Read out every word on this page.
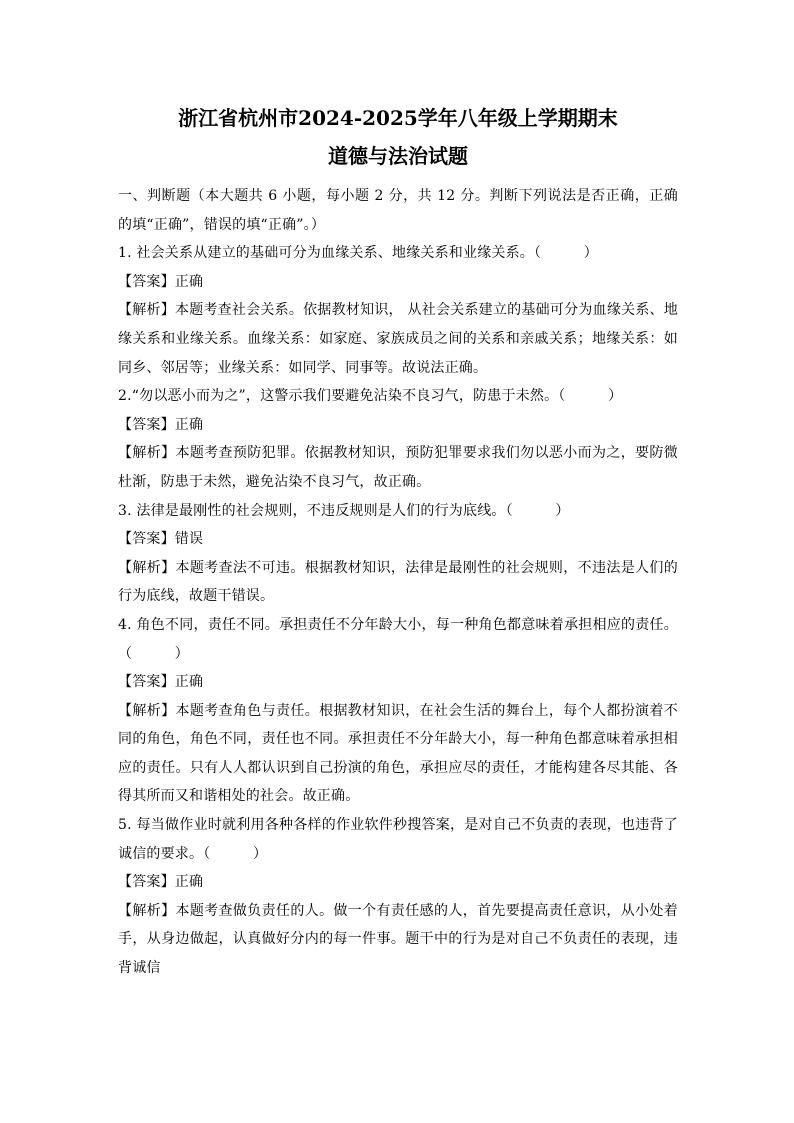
浙江省杭州市2024-2025学年八年级上学期期末
道德与法治试题

一、判断题（本大题共 6 小题，每小题 2 分，共 12 分。判断下列说法是否正确，正确的填“正确”，错误的填“正确”。）

1. 社会关系从建立的基础可分为血缘关系、地缘关系和业缘关系。（　　　）

【答案】正确

【解析】本题考查社会关系。依据教材知识， 从社会关系建立的基础可分为血缘关系、地缘关系和业缘关系。血缘关系：如家庭、家族成员之间的关系和亲戚关系；地缘关系：如同乡、邻居等；业缘关系：如同学、同事等。故说法正确。

2.“勿以恶小而为之”，这警示我们要避免沾染不良习气，防患于未然。（　　　）

【答案】正确

【解析】本题考查预防犯罪。依据教材知识，预防犯罪要求我们勿以恶小而为之，要防微杜渐，防患于未然，避免沾染不良习气，故正确。

3. 法律是最刚性的社会规则，不违反规则是人们的行为底线。（　　　）

【答案】错误

【解析】本题考查法不可违。根据教材知识，法律是最刚性的社会规则，不违法是人们的行为底线，故题干错误。

4. 角色不同，责任不同。承担责任不分年龄大小，每一种角色都意味着承担相应的责任。（　　　）

【答案】正确

【解析】本题考查角色与责任。根据教材知识，在社会生活的舞台上，每个人都扮演着不同的角色，角色不同，责任也不同。承担责任不分年龄大小，每一种角色都意味着承担相应的责任。只有人人都认识到自己扮演的角色，承担应尽的责任，才能构建各尽其能、各得其所而又和谐相处的社会。故正确。

5. 每当做作业时就利用各种各样的作业软件秒搜答案，是对自己不负责的表现，也违背了诚信的要求。（　　　）

【答案】正确

【解析】本题考查做负责任的人。做一个有责任感的人，首先要提高责任意识，从小处着手，从身边做起，认真做好分内的每一件事。题干中的行为是对自己不负责任的表现，违背诚信
